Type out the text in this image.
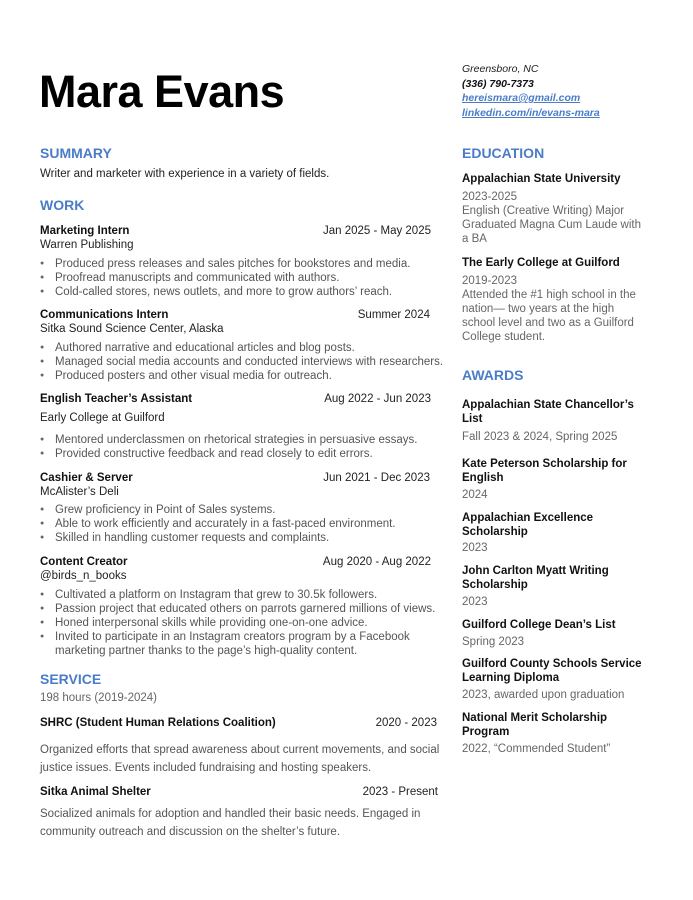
Mara Evans	Greensboro, NC
(336) 790-7373
hereismara@gmail.com
linkedin.com/in/evans-mara
SUMMARY
Writer and marketer with experience in a variety of fields.
WORK
Marketing Intern	Jan 2025 - May 2025
Warren Publishing
● Produced press releases and sales pitches for bookstores and media.
● Proofread manuscripts and communicated with authors.
● Cold-called stores, news outlets, and more to grow authors’ reach.
Communications Intern	Summer 2024
Sitka Sound Science Center, Alaska
● Authored narrative and educational articles and blog posts.
● Managed social media accounts and conducted interviews with researchers.
● Produced posters and other visual media for outreach.
English Teacher’s Assistant	Aug 2022 - Jun 2023
Early College at Guilford
● Mentored underclassmen on rhetorical strategies in persuasive essays.
● Provided constructive feedback and read closely to edit errors.
Cashier & Server	Jun 2021 - Dec 2023
McAlister’s Deli
● Grew proficiency in Point of Sales systems.
● Able to work efficiently and accurately in a fast-paced environment.
● Skilled in handling customer requests and complaints.
Content Creator	Aug 2020 - Aug 2022
@birds_n_books
● Cultivated a platform on Instagram that grew to 30.5k followers.
● Passion project that educated others on parrots garnered millions of views.
● Honed interpersonal skills while providing one-on-one advice.
● Invited to participate in an Instagram creators program by a Facebook
marketing partner thanks to the page’s high-quality content.
SERVICE
198 hours (2019-2024)
SHRC (Student Human Relations Coalition)	2020 - 2023
Organized efforts that spread awareness about current movements, and social
justice issues. Events included fundraising and hosting speakers.
Sitka Animal Shelter	2023 - Present
Socialized animals for adoption and handled their basic needs. Engaged in
community outreach and discussion on the shelter’s future.
EDUCATION
Appalachian State University
2023-2025
English (Creative Writing) Major
Graduated Magna Cum Laude with
a BA
The Early College at Guilford
2019-2023
Attended the #1 high school in the
nation— two years at the high
school level and two as a Guilford
College student.
AWARDS
Appalachian State Chancellor’s
List
Fall 2023 & 2024, Spring 2025
Kate Peterson Scholarship for
English
2024
Appalachian Excellence
Scholarship
2023
John Carlton Myatt Writing
Scholarship
2023
Guilford College Dean’s List
Spring 2023
Guilford County Schools Service
Learning Diploma
2023, awarded upon graduation
National Merit Scholarship
Program
2022, “Commended Student”
